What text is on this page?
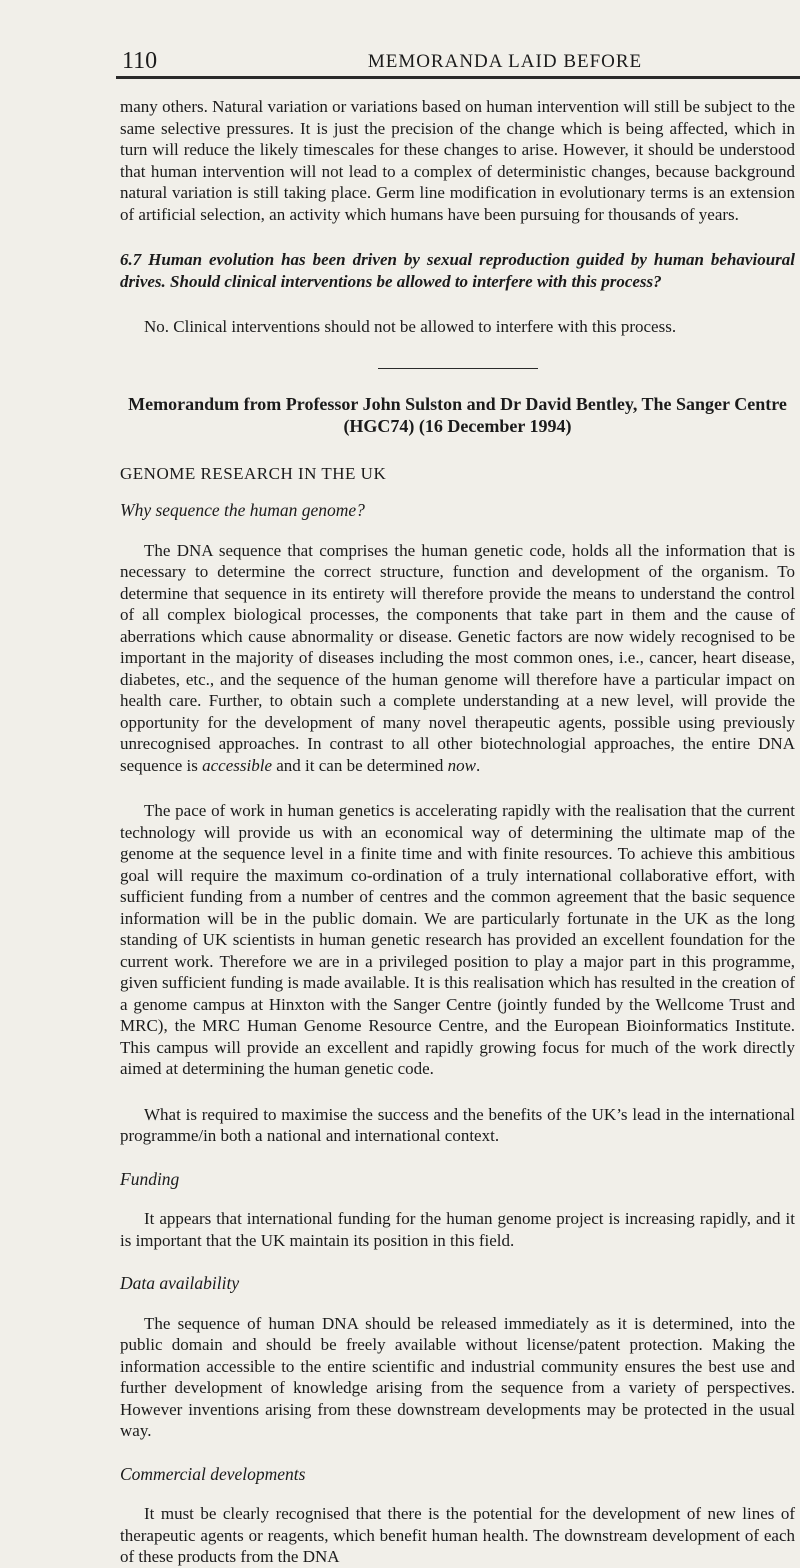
110	MEMORANDA LAID BEFORE

many others. Natural variation or variations based on human intervention will still be subject to the same selective pressures. It is just the precision of the change which is being affected, which in turn will reduce the likely timescales for these changes to arise. However, it should be understood that human intervention will not lead to a complex of deterministic changes, because background natural variation is still taking place. Germ line modification in evolutionary terms is an extension of artificial selection, an activity which humans have been pursuing for thousands of years.

6.7 Human evolution has been driven by sexual reproduction guided by human behavioural drives. Should clinical interventions be allowed to interfere with this process?

No. Clinical interventions should not be allowed to interfere with this process.

Memorandum from Professor John Sulston and Dr David Bentley, The Sanger Centre (HGC74) (16 December 1994)
GENOME RESEARCH IN THE UK
Why sequence the human genome?

The DNA sequence that comprises the human genetic code, holds all the information that is necessary to determine the correct structure, function and development of the organism. To determine that sequence in its entirety will therefore provide the means to understand the control of all complex biological processes, the components that take part in them and the cause of aberrations which cause abnormality or disease. Genetic factors are now widely recognised to be important in the majority of diseases including the most common ones, i.e., cancer, heart disease, diabetes, etc., and the sequence of the human genome will therefore have a particular impact on health care. Further, to obtain such a complete understanding at a new level, will provide the opportunity for the development of many novel therapeutic agents, possible using previously unrecognised approaches. In contrast to all other biotechnologial approaches, the entire DNA sequence is accessible and it can be determined now.

The pace of work in human genetics is accelerating rapidly with the realisation that the current technology will provide us with an economical way of determining the ultimate map of the genome at the sequence level in a finite time and with finite resources. To achieve this ambitious goal will require the maximum co-ordination of a truly international collaborative effort, with sufficient funding from a number of centres and the common agreement that the basic sequence information will be in the public domain. We are particularly fortunate in the UK as the long standing of UK scientists in human genetic research has provided an excellent foundation for the current work. Therefore we are in a privileged position to play a major part in this programme, given sufficient funding is made available. It is this realisation which has resulted in the creation of a genome campus at Hinxton with the Sanger Centre (jointly funded by the Wellcome Trust and MRC), the MRC Human Genome Resource Centre, and the European Bioinformatics Institute. This campus will provide an excellent and rapidly growing focus for much of the work directly aimed at determining the human genetic code.

What is required to maximise the success and the benefits of the UK’s lead in the international programme/in both a national and international context.

Funding

It appears that international funding for the human genome project is increasing rapidly, and it is important that the UK maintain its position in this field.

Data availability

The sequence of human DNA should be released immediately as it is determined, into the public domain and should be freely available without license/patent protection. Making the information accessible to the entire scientific and industrial community ensures the best use and further development of knowledge arising from the sequence from a variety of perspectives. However inventions arising from these downstream developments may be protected in the usual way.

Commercial developments

It must be clearly recognised that there is the potential for the development of new lines of therapeutic agents or reagents, which benefit human health. The downstream development of each of these products from the DNA
